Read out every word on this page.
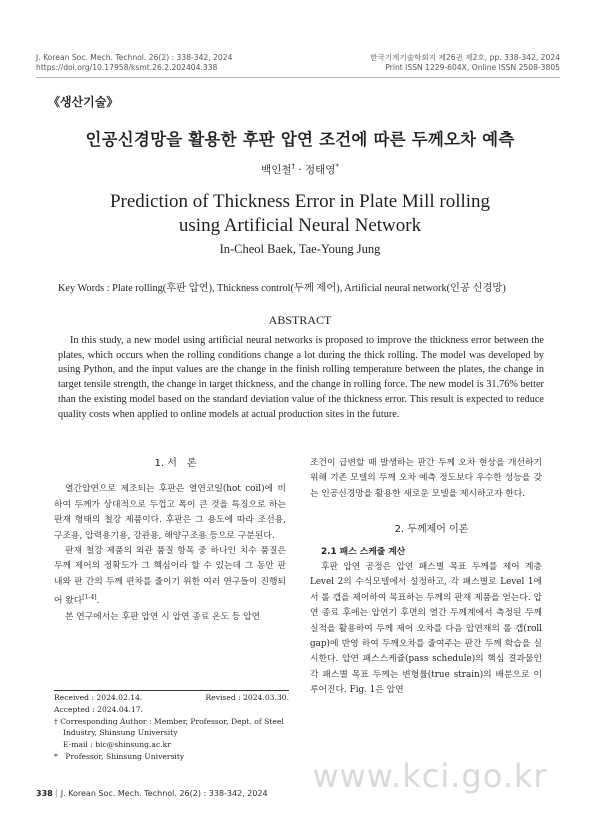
J. Korean Soc. Mech. Technol. 26(2) : 338-342, 2024
https://doi.org/10.17958/ksmt.26.2.202404.338
한국기계기술학회지 제26권 제2호, pp. 338-342, 2024
Print ISSN 1229-604X, Online ISSN 2508-3805
《생산기술》
인공신경망을 활용한 후판 압연 조건에 따른 두께오차 예측
백인철† · 정태영*
Prediction of Thickness Error in Plate Mill rolling
using Artificial Neural Network
In-Cheol Baek, Tae-Young Jung
Key Words : Plate rolling(후판 압연), Thickness control(두께 제어), Artificial neural network(인공 신경망)
ABSTRACT
In this study, a new model using artificial neural networks is proposed to improve the thickness error between the plates, which occurs when the rolling conditions change a lot during the thick rolling. The model was developed by using Python, and the input values are the change in the finish rolling temperature between the plates, the change in target tensile strength, the change in target thickness, and the change in rolling force. The new model is 31.76% better than the existing model based on the standard deviation value of the thickness error. This result is expected to reduce quality costs when applied to online models at actual production sites in the future.

1. 서　론

열간압연으로 제조되는 후판은 열연코일(hot coil)에 비하여 두께가 상대적으로 두껍고 폭이 큰 것을 특징으로 하는 판재 형태의 철강 제품이다. 후판은 그 용도에 따라 조선용, 구조용, 압력용기용, 강관용, 해양구조용 등으로 구분된다.

판재 철강 제품의 외관 품질 항목 중 하나인 치수 품질은 두께 제어의 정확도가 그 핵심이라 할 수 있는데 그 동안 판 내와 판 간의 두께 편차를 줄이기 위한 여러 연구들이 진행되어 왔다[1-4].

본 연구에서는 후판 압연 시 압연 종료 온도 등 압연

조건이 급변할 때 발생하는 판간 두께 오차 현상을 개선하기 위해 기존 모델의 두께 오차 예측 정도보다 우수한 성능을 갖는 인공신경망을 활용한 새로운 모델을 제시하고자 한다.

2. 두께제어 이론

2.1 패스 스케줄 계산

후판 압연 공정은 압연 패스별 목표 두께를 제어 계층 Level 2의 수식모델에서 설정하고, 각 패스별로 Level 1에서 롤 갭을 제어하여 목표하는 두께의 판재 제품을 얻는다. 압연 종료 후에는 압연기 후면의 열간 두께계에서 측정된 두께 실적을 활용하여 두께 제어 오차를 다음 압연재의 롤 갭(roll gap)에 반영 하여 두께오차를 줄여주는 판간 두께 학습을 실시한다. 압연 패스스케쥴(pass schedule)의 핵심 결과물인 각 패스별 목표 두께는 변형률(true strain)의 배분으로 이루어진다. Fig. 1은 압연

Received : 2024.02.14.	Revised : 2024.03.30.
Accepted : 2024.04.17.
† Corresponding Author : Member, Professor, Dept. of Steel Industry, Shinsung University
E-mail : bic@shinsung.ac.kr
*　Professor, Shinsung University
www.kci.go.kr
338｜J. Korean Soc. Mech. Technol. 26(2) : 338-342, 2024
